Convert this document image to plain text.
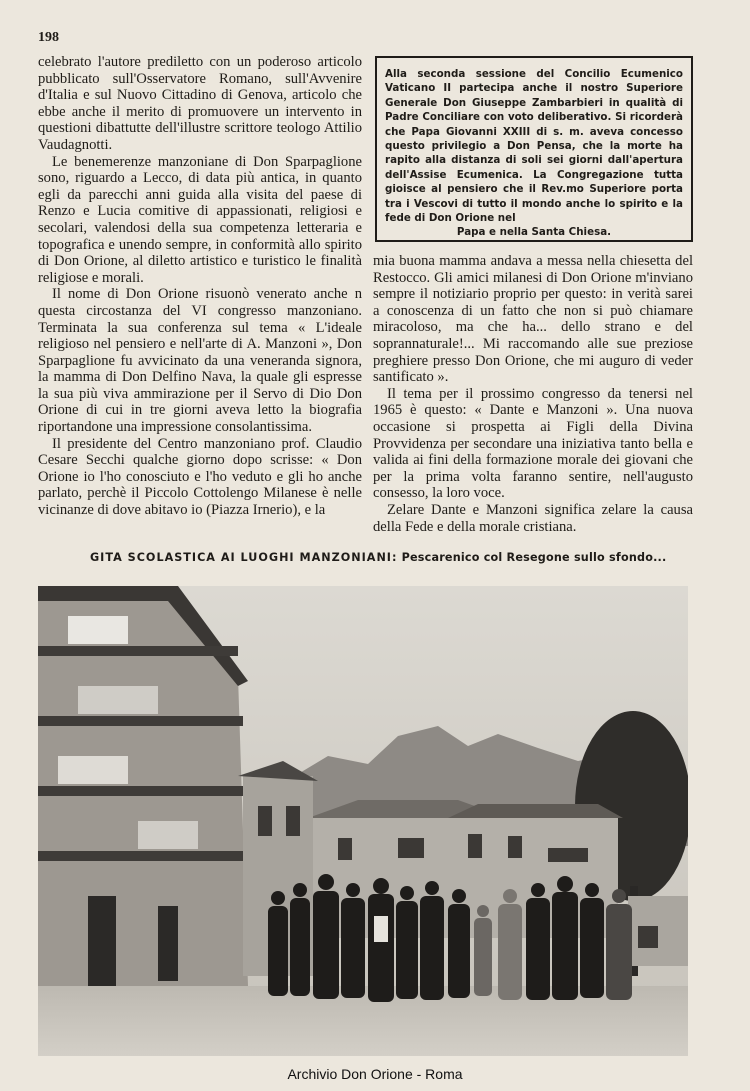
198

celebrato l'autore prediletto con un poderoso articolo pubblicato sull'Osservatore Romano, sull'Avvenire d'Italia e sul Nuovo Cittadino di Genova, articolo che ebbe anche il merito di promuovere un intervento in questioni dibattutte dell'illustre scrittore teologo Attilio Vaudagnotti.

Le benemerenze manzoniane di Don Sparpaglione sono, riguardo a Lecco, di data più antica, in quanto egli da parecchi anni guida alla visita del paese di Renzo e Lucia comitive di appassionati, religiosi e secolari, valendosi della sua competenza letteraria e topografica e unendo sempre, in conformità allo spirito di Don Orione, al diletto artistico e turistico le finalità religiose e morali.

Il nome di Don Orione risuonò venerato anche n questa circostanza del VI congresso manzoniano. Terminata la sua conferenza sul tema « L'ideale religioso nel pensiero e nell'arte di A. Manzoni », Don Sparpaglione fu avvicinato da una veneranda signora, la mamma di Don Delfino Nava, la quale gli espresse la sua più viva ammirazione per il Servo di Dio Don Orione di cui in tre giorni aveva letto la biografia riportandone una impressione consolantissima.

Il presidente del Centro manzoniano prof. Claudio Cesare Secchi qualche giorno dopo scrisse: « Don Orione io l'ho conosciuto e l'ho veduto e gli ho anche parlato, perchè il Piccolo Cottolengo Milanese è nelle vicinanze di dove abitavo io (Piazza Irnerio), e la

Alla seconda sessione del Concilio Ecumenico Vaticano II partecipa anche il nostro Superiore Generale Don Giuseppe Zambarbieri in qualità di Padre Conciliare con voto deliberativo. Si ricorderà che Papa Giovanni XXIII di s. m. aveva concesso questo privilegio a Don Pensa, che la morte ha rapito alla distanza di soli sei giorni dall'apertura dell'Assise Ecumenica. La Congregazione tutta gioisce al pensiero che il Rev.mo Superiore porta tra i Vescovi di tutto il mondo anche lo spirito e la fede di Don Orione nel
Papa e nella Santa Chiesa.

mia buona mamma andava a messa nella chiesetta del Restocco. Gli amici milanesi di Don Orione m'inviano sempre il notiziario proprio per questo: in verità sarei a conoscenza di un fatto che non si può chiamare miracoloso, ma che ha... dello strano e del soprannaturale!... Mi raccomando alle sue preziose preghiere presso Don Orione, che mi auguro di veder santificato ».

Il tema per il prossimo congresso da tenersi nel 1965 è questo: « Dante e Manzoni ». Una nuova occasione si prospetta ai Figli della Divina Provvidenza per secondare una iniziativa tanto bella e valida ai fini della formazione morale dei giovani che per la prima volta faranno sentire, nell'augusto consesso, la loro voce.

Zelare Dante e Manzoni significa zelare la causa della Fede e della morale cristiana.

GITA SCOLASTICA AI LUOGHI MANZONIANI: Pescarenico col Resegone sullo sfondo...
Archivio Don Orione - Roma
